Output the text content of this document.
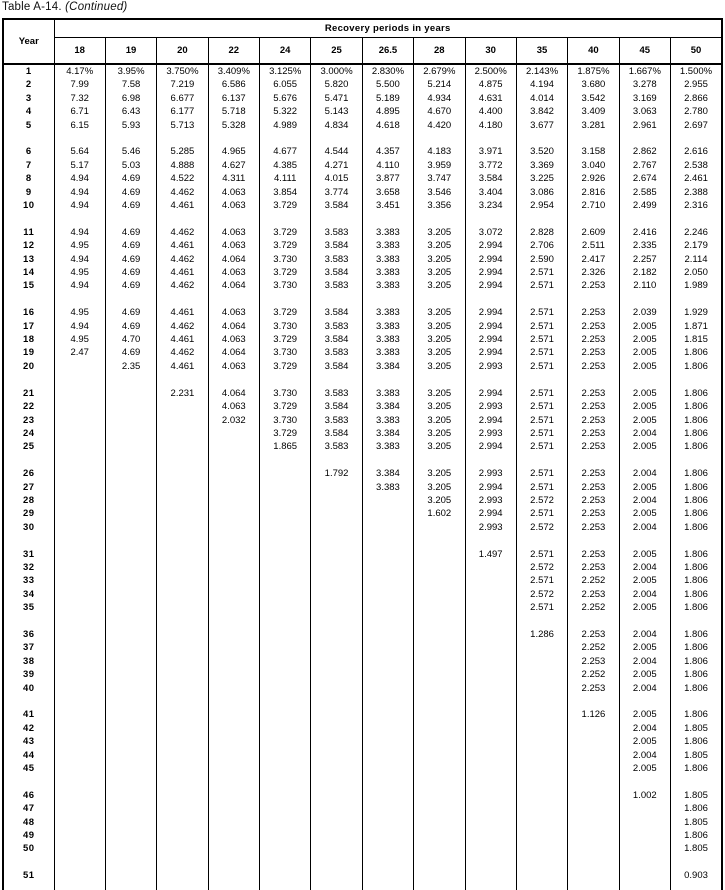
Table A-14. (Continued)
Year	Recovery periods in years												
	18	19	20	22	24	25	26.5	28	30	35	40	45	50
1	4.17%	3.95%	3.750%	3.409%	3.125%	3.000%	2.830%	2.679%	2.500%	2.143%	1.875%	1.667%	1.500%
2	7.99	7.58	7.219	6.586	6.055	5.820	5.500	5.214	4.875	4.194	3.680	3.278	2.955
3	7.32	6.98	6.677	6.137	5.676	5.471	5.189	4.934	4.631	4.014	3.542	3.169	2.866
4	6.71	6.43	6.177	5.718	5.322	5.143	4.895	4.670	4.400	3.842	3.409	3.063	2.780
5	6.15	5.93	5.713	5.328	4.989	4.834	4.618	4.420	4.180	3.677	3.281	2.961	2.697

6	5.64	5.46	5.285	4.965	4.677	4.544	4.357	4.183	3.971	3.520	3.158	2.862	2.616
7	5.17	5.03	4.888	4.627	4.385	4.271	4.110	3.959	3.772	3.369	3.040	2.767	2.538
8	4.94	4.69	4.522	4.311	4.111	4.015	3.877	3.747	3.584	3.225	2.926	2.674	2.461
9	4.94	4.69	4.462	4.063	3.854	3.774	3.658	3.546	3.404	3.086	2.816	2.585	2.388
10	4.94	4.69	4.461	4.063	3.729	3.584	3.451	3.356	3.234	2.954	2.710	2.499	2.316

11	4.94	4.69	4.462	4.063	3.729	3.583	3.383	3.205	3.072	2.828	2.609	2.416	2.246
12	4.95	4.69	4.461	4.063	3.729	3.584	3.383	3.205	2.994	2.706	2.511	2.335	2.179
13	4.94	4.69	4.462	4.064	3.730	3.583	3.383	3.205	2.994	2.590	2.417	2.257	2.114
14	4.95	4.69	4.461	4.063	3.729	3.584	3.383	3.205	2.994	2.571	2.326	2.182	2.050
15	4.94	4.69	4.462	4.064	3.730	3.583	3.383	3.205	2.994	2.571	2.253	2.110	1.989

16	4.95	4.69	4.461	4.063	3.729	3.584	3.383	3.205	2.994	2.571	2.253	2.039	1.929
17	4.94	4.69	4.462	4.064	3.730	3.583	3.383	3.205	2.994	2.571	2.253	2.005	1.871
18	4.95	4.70	4.461	4.063	3.729	3.584	3.383	3.205	2.994	2.571	2.253	2.005	1.815
19	2.47	4.69	4.462	4.064	3.730	3.583	3.383	3.205	2.994	2.571	2.253	2.005	1.806
20		2.35	4.461	4.063	3.729	3.584	3.384	3.205	2.993	2.571	2.253	2.005	1.806

21			2.231	4.064	3.730	3.583	3.383	3.205	2.994	2.571	2.253	2.005	1.806
22				4.063	3.729	3.584	3.384	3.205	2.993	2.571	2.253	2.005	1.806
23				2.032	3.730	3.583	3.383	3.205	2.994	2.571	2.253	2.005	1.806
24					3.729	3.584	3.384	3.205	2.993	2.571	2.253	2.004	1.806
25					1.865	3.583	3.383	3.205	2.994	2.571	2.253	2.005	1.806

26						1.792	3.384	3.205	2.993	2.571	2.253	2.004	1.806
27							3.383	3.205	2.994	2.571	2.253	2.005	1.806
28								3.205	2.993	2.572	2.253	2.004	1.806
29								1.602	2.994	2.571	2.253	2.005	1.806
30									2.993	2.572	2.253	2.004	1.806

31									1.497	2.571	2.253	2.005	1.806
32										2.572	2.253	2.004	1.806
33										2.571	2.252	2.005	1.806
34										2.572	2.253	2.004	1.806
35										2.571	2.252	2.005	1.806

36										1.286	2.253	2.004	1.806
37											2.252	2.005	1.806
38											2.253	2.004	1.806
39											2.252	2.005	1.806
40											2.253	2.004	1.806

41											1.126	2.005	1.806
42												2.004	1.805
43												2.005	1.806
44												2.004	1.805
45												2.005	1.806

46												1.002	1.805
47													1.806
48													1.805
49													1.806
50													1.805

51													0.903
